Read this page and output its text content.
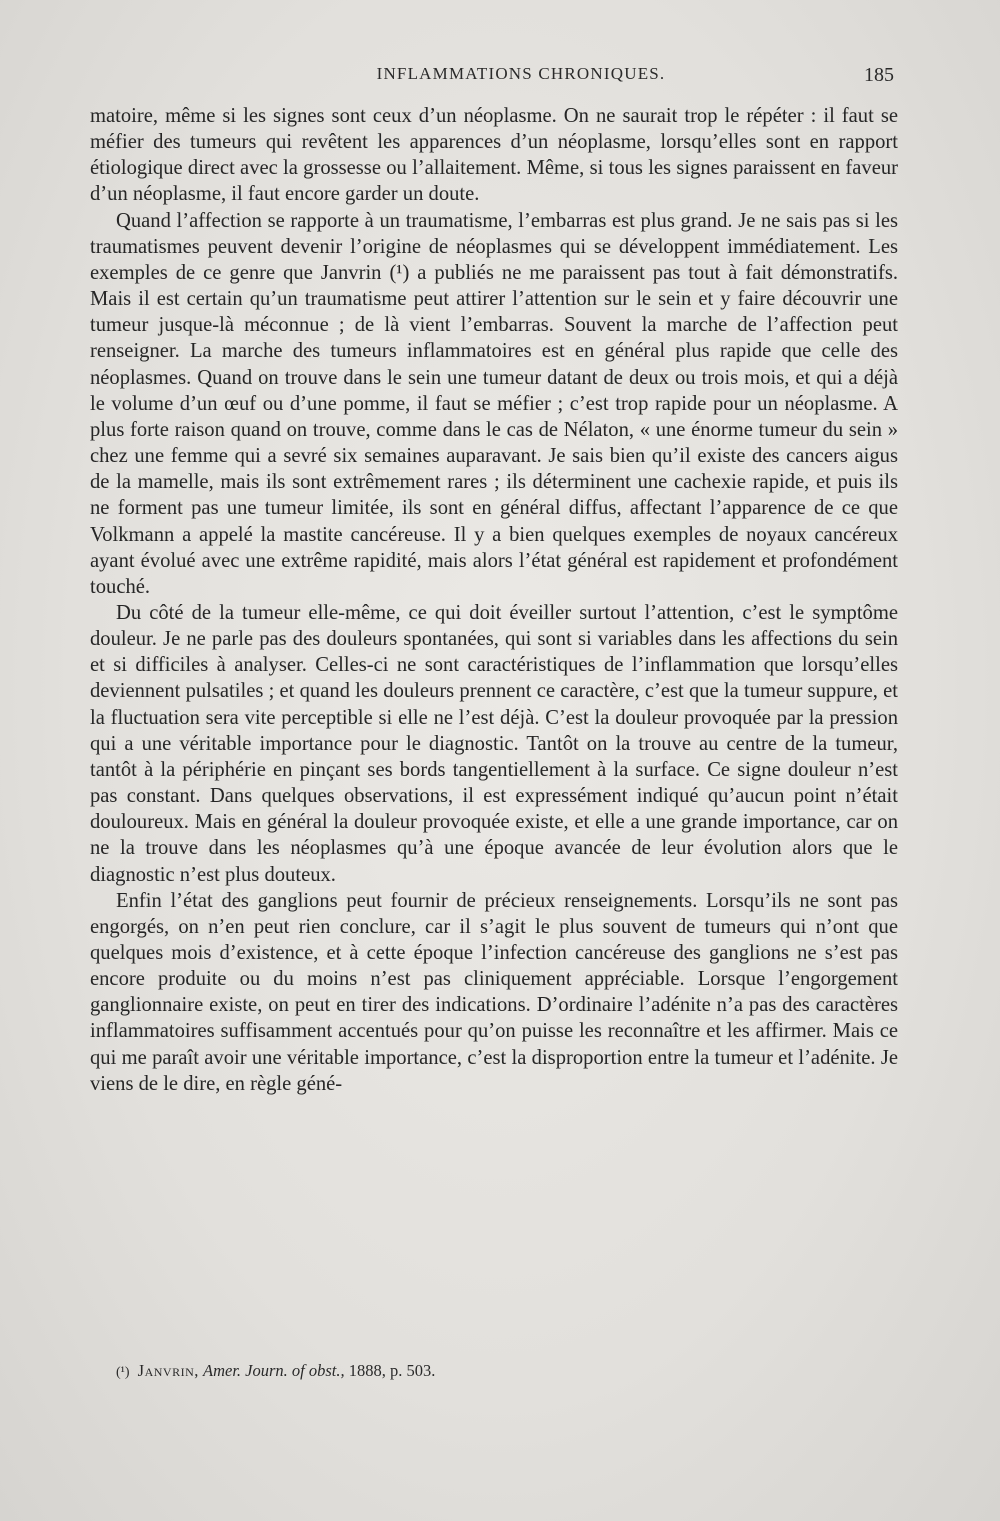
INFLAMMATIONS CHRONIQUES.	185

matoire, même si les signes sont ceux d’un néoplasme. On ne saurait trop le répéter : il faut se méfier des tumeurs qui revêtent les apparences d’un néoplasme, lorsqu’elles sont en rapport étiologique direct avec la grossesse ou l’allaitement. Même, si tous les signes paraissent en faveur d’un néoplasme, il faut encore garder un doute.

Quand l’affection se rapporte à un traumatisme, l’embarras est plus grand. Je ne sais pas si les traumatismes peuvent devenir l’origine de néoplasmes qui se développent immédiatement. Les exemples de ce genre que Janvrin (¹) a publiés ne me paraissent pas tout à fait démonstratifs. Mais il est certain qu’un traumatisme peut attirer l’attention sur le sein et y faire découvrir une tumeur jusque-là méconnue ; de là vient l’embarras. Souvent la marche de l’affection peut renseigner. La marche des tumeurs inflammatoires est en général plus rapide que celle des néoplasmes. Quand on trouve dans le sein une tumeur datant de deux ou trois mois, et qui a déjà le volume d’un œuf ou d’une pomme, il faut se méfier ; c’est trop rapide pour un néoplasme. A plus forte raison quand on trouve, comme dans le cas de Nélaton, « une énorme tumeur du sein » chez une femme qui a sevré six semaines auparavant. Je sais bien qu’il existe des cancers aigus de la mamelle, mais ils sont extrêmement rares ; ils déterminent une cachexie rapide, et puis ils ne forment pas une tumeur limitée, ils sont en général diffus, affectant l’apparence de ce que Volkmann a appelé la mastite cancéreuse. Il y a bien quelques exemples de noyaux cancéreux ayant évolué avec une extrême rapidité, mais alors l’état général est rapidement et profondément touché.

Du côté de la tumeur elle-même, ce qui doit éveiller surtout l’attention, c’est le symptôme douleur. Je ne parle pas des douleurs spontanées, qui sont si variables dans les affections du sein et si difficiles à analyser. Celles-ci ne sont caractéristiques de l’inflammation que lorsqu’elles deviennent pulsatiles ; et quand les douleurs prennent ce caractère, c’est que la tumeur suppure, et la fluctuation sera vite perceptible si elle ne l’est déjà. C’est la douleur provoquée par la pression qui a une véritable importance pour le diagnostic. Tantôt on la trouve au centre de la tumeur, tantôt à la périphérie en pinçant ses bords tangentiellement à la surface. Ce signe douleur n’est pas constant. Dans quelques observations, il est expressément indiqué qu’aucun point n’était douloureux. Mais en général la douleur provoquée existe, et elle a une grande importance, car on ne la trouve dans les néoplasmes qu’à une époque avancée de leur évolution alors que le diagnostic n’est plus douteux.

Enfin l’état des ganglions peut fournir de précieux renseignements. Lorsqu’ils ne sont pas engorgés, on n’en peut rien conclure, car il s’agit le plus souvent de tumeurs qui n’ont que quelques mois d’existence, et à cette époque l’infection cancéreuse des ganglions ne s’est pas encore produite ou du moins n’est pas cliniquement appréciable. Lorsque l’engorgement ganglionnaire existe, on peut en tirer des indications. D’ordinaire l’adénite n’a pas des caractères inflammatoires suffisamment accentués pour qu’on puisse les reconnaître et les affirmer. Mais ce qui me paraît avoir une véritable importance, c’est la disproportion entre la tumeur et l’adénite. Je viens de le dire, en règle géné-

(¹) Janvrin, Amer. Journ. of obst., 1888, p. 503.
